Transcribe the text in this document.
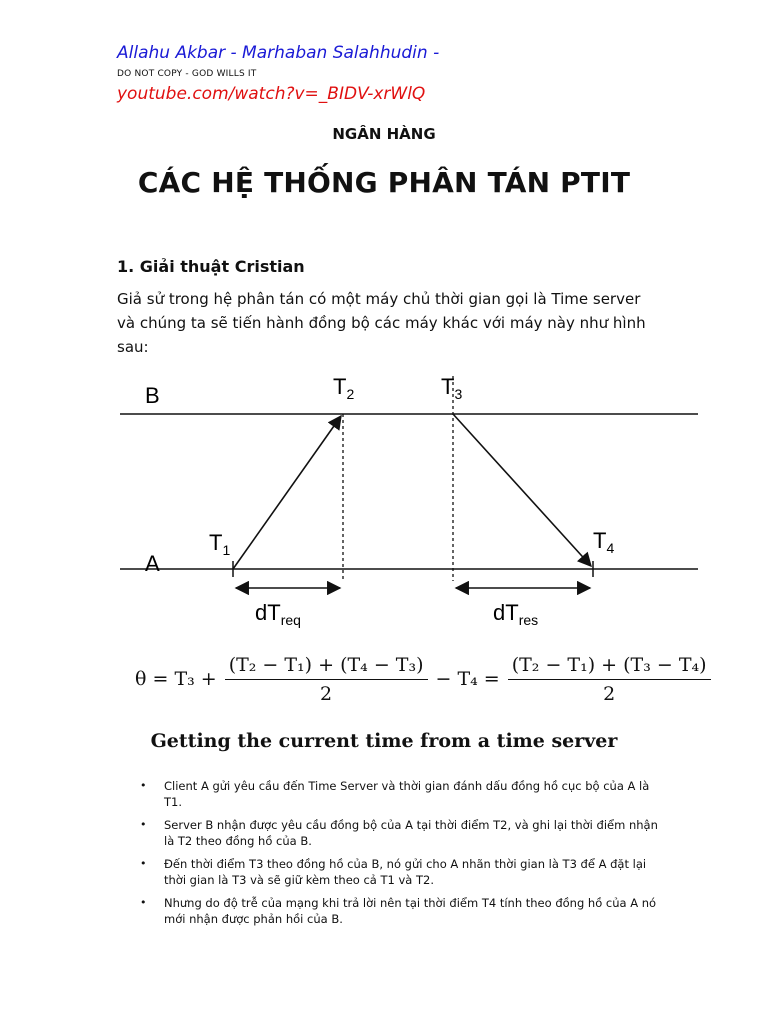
Allahu Akbar - Marhaban Salahhudin -
DO NOT COPY - GOD WILLS IT
youtube.com/watch?v=_BIDV-xrWlQ
NGÂN HÀNG
CÁC HỆ THỐNG PHÂN TÁN PTIT
1. Giải thuật Cristian
Giả sử trong hệ phân tán có một máy chủ thời gian gọi là Time server và chúng ta sẽ tiến hành đồng bộ các máy khác với máy này như hình sau:
B
A
$T_1$
$T_2$	$T_3$
$T_4$
$dT_{req}$	$dT_{res}$
$\theta = T_3 + \frac{\text{(T₂ − T₁) + (T₄ − T₃)}}{2} - T_4 = \frac{\text{(T₂ − T₁) + (T₃ − T₄)}}{2}$
Getting the current time from a time server
• Client A gửi yêu cầu đến Time Server và thời gian đánh dấu đồng hồ cục bộ của A là T1.
• Server B nhận được yêu cầu đồng bộ của A tại thời điểm T2, và ghi lại thời điểm nhận là T2 theo đồng hồ của B.
• Đến thời điểm T3 theo đồng hồ của B, nó gửi cho A nhãn thời gian là T3 để A đặt lại thời gian là T3 và sẽ giữ kèm theo cả T1 và T2.
• Nhưng do độ trễ của mạng khi trả lời nên tại thời điểm T4 tính theo đồng hồ của A nó mới nhận được phản hồi của B.
